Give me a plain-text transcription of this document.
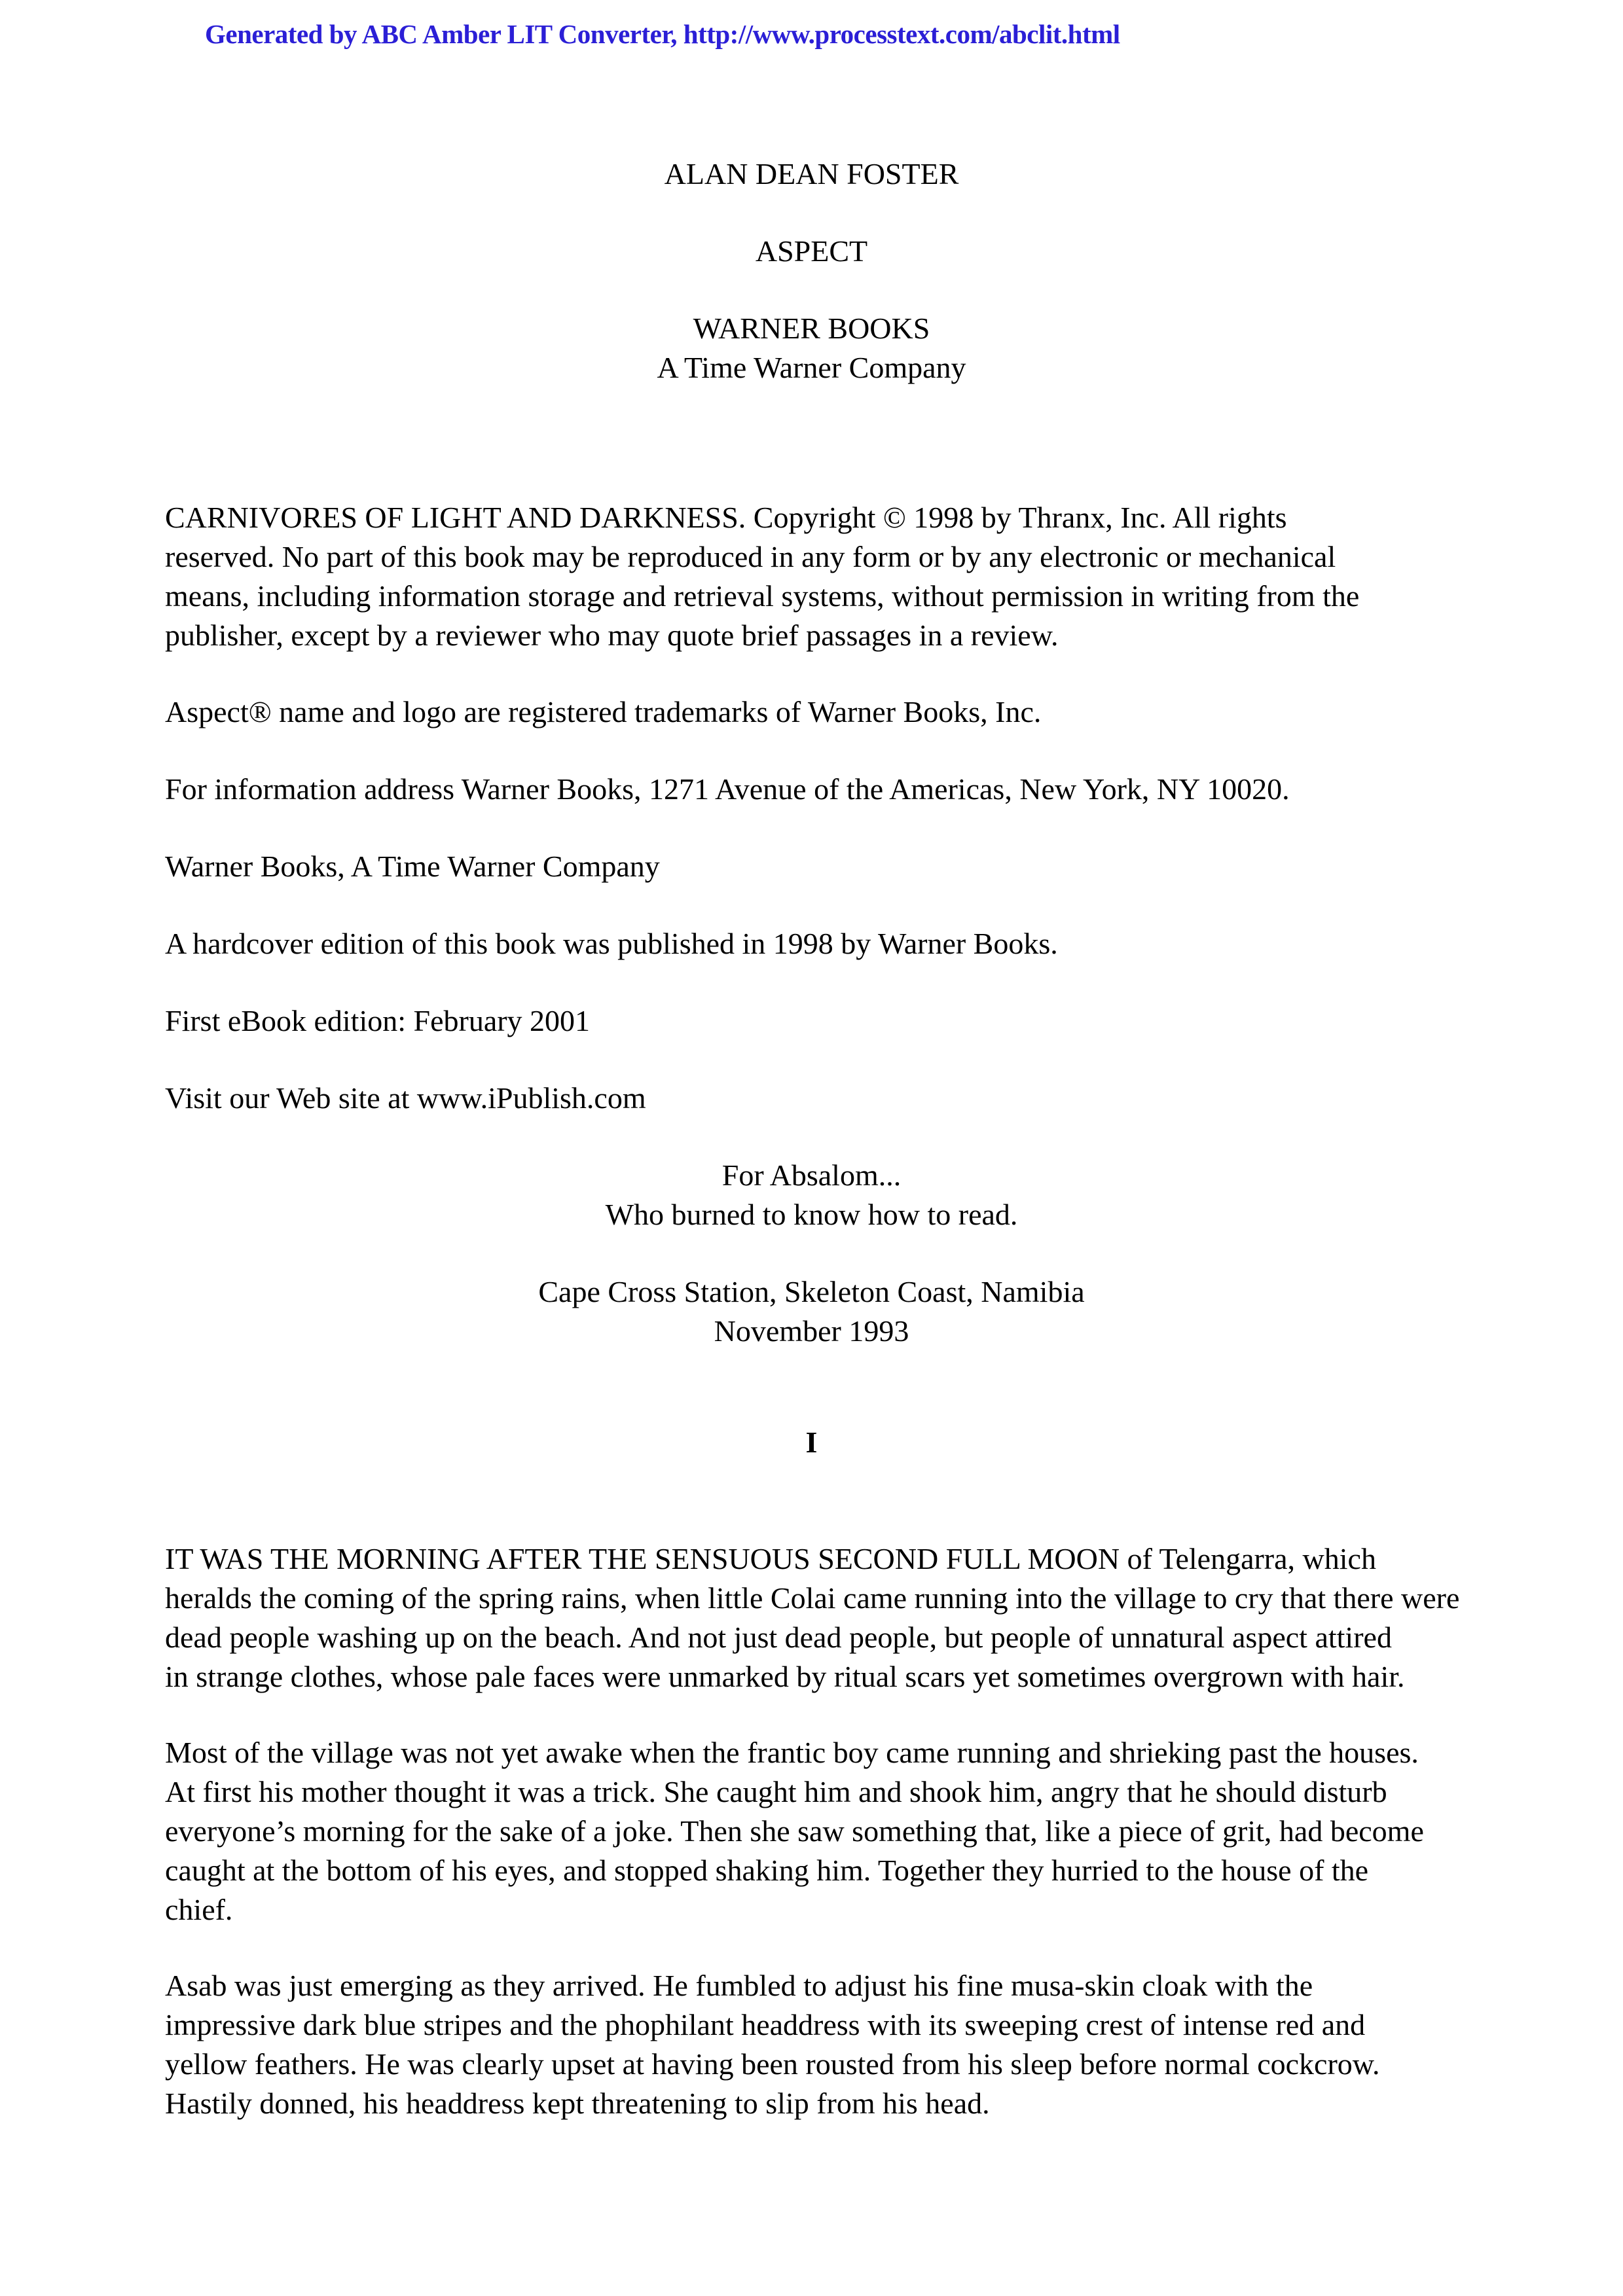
Generated by ABC Amber LIT Converter, http://www.processtext.com/abclit.html
ALAN DEAN FOSTER
ASPECT
WARNER BOOKS
A Time Warner Company
CARNIVORES OF LIGHT AND DARKNESS. Copyright © 1998 by Thranx, Inc. All rights
reserved. No part of this book may be reproduced in any form or by any electronic or mechanical
means, including information storage and retrieval systems, without permission in writing from the
publisher, except by a reviewer who may quote brief passages in a review.
Aspect® name and logo are registered trademarks of Warner Books, Inc.
For information address Warner Books, 1271 Avenue of the Americas, New York, NY 10020.
Warner Books, A Time Warner Company
A hardcover edition of this book was published in 1998 by Warner Books.
First eBook edition: February 2001
Visit our Web site at www.iPublish.com
For Absalom...
Who burned to know how to read.
Cape Cross Station, Skeleton Coast, Namibia
November 1993
I
IT WAS THE MORNING AFTER THE SENSUOUS SECOND FULL MOON of Telengarra, which
heralds the coming of the spring rains, when little Colai came running into the village to cry that there were
dead people washing up on the beach. And not just dead people, but people of unnatural aspect attired
in strange clothes, whose pale faces were unmarked by ritual scars yet sometimes overgrown with hair.
Most of the village was not yet awake when the frantic boy came running and shrieking past the houses.
At first his mother thought it was a trick. She caught him and shook him, angry that he should disturb
everyone’s morning for the sake of a joke. Then she saw something that, like a piece of grit, had become
caught at the bottom of his eyes, and stopped shaking him. Together they hurried to the house of the
chief.
Asab was just emerging as they arrived. He fumbled to adjust his fine musa-skin cloak with the
impressive dark blue stripes and the phophilant headdress with its sweeping crest of intense red and
yellow feathers. He was clearly upset at having been rousted from his sleep before normal cockcrow.
Hastily donned, his headdress kept threatening to slip from his head.
